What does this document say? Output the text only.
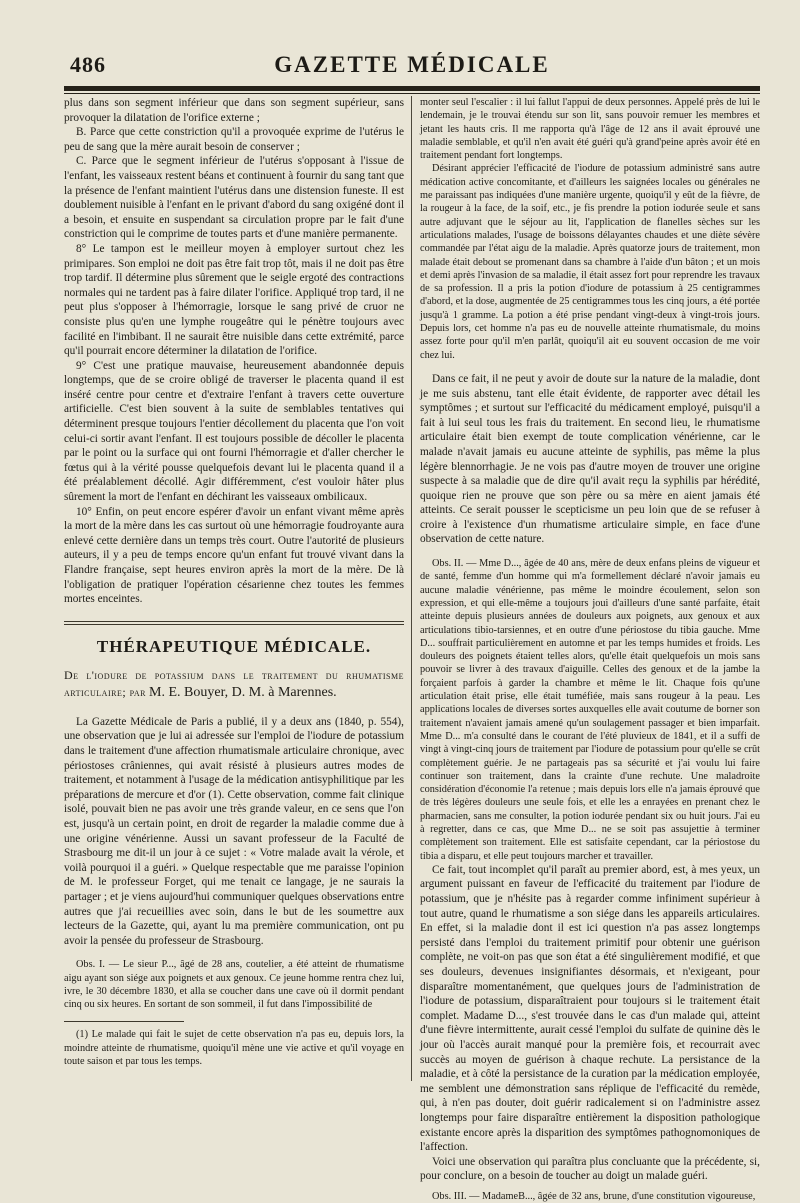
486	GAZETTE MÉDICALE

plus dans son segment inférieur que dans son segment supérieur, sans provoquer la dilatation de l'orifice externe ;

B. Parce que cette constriction qu'il a provoquée exprime de l'utérus le peu de sang que la mère aurait besoin de conserver ;

C. Parce que le segment inférieur de l'utérus s'opposant à l'issue de l'enfant, les vaisseaux restent béans et continuent à fournir du sang tant que la présence de l'enfant maintient l'utérus dans une distension funeste. Il est doublement nuisible à l'enfant en le privant d'abord du sang oxigéné dont il a besoin, et ensuite en suspendant sa circulation propre par le fait d'une constriction qui le comprime de toutes parts et d'une manière permanente.

8° Le tampon est le meilleur moyen à employer surtout chez les primipares. Son emploi ne doit pas être fait trop tôt, mais il ne doit pas être trop tardif. Il détermine plus sûrement que le seigle ergoté des contractions normales qui ne tardent pas à faire dilater l'orifice. Appliqué trop tard, il ne peut plus s'opposer à l'hémorragie, lorsque le sang privé de cruor ne consiste plus qu'en une lymphe rougeâtre qui le pénètre toujours avec facilité en l'imbibant. Il ne saurait être nuisible dans cette extrémité, parce qu'il pourrait encore déterminer la dilatation de l'orifice.

9° C'est une pratique mauvaise, heureusement abandonnée depuis longtemps, que de se croire obligé de traverser le placenta quand il est inséré centre pour centre et d'extraire l'enfant à travers cette ouverture artificielle. C'est bien souvent à la suite de semblables tentatives qui déterminent presque toujours l'entier décollement du placenta que l'on voit celui-ci sortir avant l'enfant. Il est toujours possible de décoller le placenta par le point ou la surface qui ont fourni l'hémorragie et d'aller chercher le fœtus qui à la vérité pousse quelquefois devant lui le placenta quand il a été préalablement décollé. Agir différemment, c'est vouloir hâter plus sûrement la mort de l'enfant en déchirant les vaisseaux ombilicaux.

10° Enfin, on peut encore espérer d'avoir un enfant vivant même après la mort de la mère dans les cas surtout où une hémorragie foudroyante aura enlevé cette dernière dans un temps très court. Outre l'autorité de plusieurs auteurs, il y a peu de temps encore qu'un enfant fut trouvé vivant dans la Flandre française, sept heures environ après la mort de la mère. De là l'obligation de pratiquer l'opération césarienne chez toutes les femmes mortes enceintes.

THÉRAPEUTIQUE MÉDICALE.

De l'iodure de potassium dans le traitement du rhumatisme articulaire; par M. E. Bouyer, D. M. à Marennes.

La Gazette Médicale de Paris a publié, il y a deux ans (1840, p. 554), une observation que je lui ai adressée sur l'emploi de l'iodure de potassium dans le traitement d'une affection rhumatismale articulaire chronique, avec périostoses crâniennes, qui avait résisté à plusieurs autres modes de traitement, et notamment à l'usage de la médication antisyphilitique par les préparations de mercure et d'or (1). Cette observation, comme fait clinique isolé, pouvait bien ne pas avoir une très grande valeur, en ce sens que l'on est, jusqu'à un certain point, en droit de regarder la maladie comme due à une origine vénérienne. Aussi un savant professeur de la Faculté de Strasbourg me dit-il un jour à ce sujet : « Votre malade avait la vérole, et voilà pourquoi il a guéri. » Quelque respectable que me paraisse l'opinion de M. le professeur Forget, qui me tenait ce langage, je ne saurais la partager ; et je viens aujourd'hui communiquer quelques observations entre autres que j'ai recueillies avec soin, dans le but de les soumettre aux lecteurs de la Gazette, qui, ayant lu ma première communication, ont pu avoir la pensée du professeur de Strasbourg.

Obs. I. — Le sieur P..., âgé de 28 ans, coutelier, a été atteint de rhumatisme aigu ayant son siége aux poignets et aux genoux. Ce jeune homme rentra chez lui, ivre, le 30 décembre 1830, et alla se coucher dans une cave où il dormit pendant cinq ou six heures. En sortant de son sommeil, il fut dans l'impossibilité de

(1) Le malade qui fait le sujet de cette observation n'a pas eu, depuis lors, la moindre atteinte de rhumatisme, quoiqu'il mène une vie active et qu'il voyage en toute saison et par tous les temps.

monter seul l'escalier : il lui fallut l'appui de deux personnes. Appelé près de lui le lendemain, je le trouvai étendu sur son lit, sans pouvoir remuer les membres et jetant les hauts cris. Il me rapporta qu'à l'âge de 12 ans il avait éprouvé une maladie semblable, et qu'il n'en avait été guéri qu'à grand'peine après avoir été en traitement pendant fort longtemps.

Désirant apprécier l'efficacité de l'iodure de potassium administré sans autre médication active concomitante, et d'ailleurs les saignées locales ou générales ne me paraissant pas indiquées d'une manière urgente, quoiqu'il y eût de la fièvre, de la rougeur à la face, de la soif, etc., je fis prendre la potion iodurée seule et sans autre adjuvant que le séjour au lit, l'application de flanelles sèches sur les articulations malades, l'usage de boissons délayantes chaudes et une diète sévère commandée par l'état aigu de la maladie. Après quatorze jours de traitement, mon malade était debout se promenant dans sa chambre à l'aide d'un bâton ; et un mois et demi après l'invasion de sa maladie, il était assez fort pour reprendre les travaux de sa profession. Il a pris la potion d'iodure de potassium à 25 centigrammes d'abord, et la dose, augmentée de 25 centigrammes tous les cinq jours, a été portée jusqu'à 1 gramme. La potion a été prise pendant vingt-deux à vingt-trois jours. Depuis lors, cet homme n'a pas eu de nouvelle atteinte rhumatismale, du moins assez forte pour qu'il m'en parlât, quoiqu'il ait eu souvent occasion de me voir chez lui.

Dans ce fait, il ne peut y avoir de doute sur la nature de la maladie, dont je me suis abstenu, tant elle était évidente, de rapporter avec détail les symptômes ; et surtout sur l'efficacité du médicament employé, puisqu'il a fait à lui seul tous les frais du traitement. En second lieu, le rhumatisme articulaire était bien exempt de toute complication vénérienne, car le malade n'avait jamais eu aucune atteinte de syphilis, pas même la plus légère blennorrhagie. Je ne vois pas d'autre moyen de trouver une origine suspecte à sa maladie que de dire qu'il avait reçu la syphilis par hérédité, quoique rien ne prouve que son père ou sa mère en aient jamais été atteints. Ce serait pousser le scepticisme un peu loin que de se refuser à croire à l'existence d'un rhumatisme articulaire simple, en face d'une observation de cette nature.

Obs. II. — Mme D..., âgée de 40 ans, mère de deux enfans pleins de vigueur et de santé, femme d'un homme qui m'a formellement déclaré n'avoir jamais eu aucune maladie vénérienne, pas même le moindre écoulement, selon son expression, et qui elle-même a toujours joui d'ailleurs d'une santé parfaite, était atteinte depuis plusieurs années de douleurs aux poignets, aux genoux et aux articulations tibio-tarsiennes, et en outre d'une périostose du tibia gauche. Mme D... souffrait particulièrement en automne et par les temps humides et froids. Les douleurs des poignets étaient telles alors, qu'elle était quelquefois un mois sans pouvoir se livrer à des travaux d'aiguille. Celles des genoux et de la jambe la forçaient parfois à garder la chambre et même le lit. Chaque fois qu'une articulation était prise, elle était tuméfiée, mais sans rougeur à la peau. Les applications locales de diverses sortes auxquelles elle avait coutume de borner son traitement n'avaient jamais amené qu'un soulagement passager et bien imparfait. Mme D... m'a consulté dans le courant de l'été pluvieux de 1841, et il a suffi de vingt à vingt-cinq jours de traitement par l'iodure de potassium pour qu'elle se crût complètement guérie. Je ne partageais pas sa sécurité et j'ai voulu lui faire continuer son traitement, dans la crainte d'une rechute. Une maladroite considération d'économie l'a retenue ; mais depuis lors elle n'a jamais éprouvé que de très légères douleurs une seule fois, et elle les a enrayées en prenant chez le pharmacien, sans me consulter, la potion iodurée pendant six ou huit jours. J'ai eu à regretter, dans ce cas, que Mme D... ne se soit pas assujettie à terminer complètement son traitement. Elle est satisfaite cependant, car la périostose du tibia a disparu, et elle peut toujours marcher et travailler.

Ce fait, tout incomplet qu'il paraît au premier abord, est, à mes yeux, un argument puissant en faveur de l'efficacité du traitement par l'iodure de potassium, que je n'hésite pas à regarder comme infiniment supérieur à tout autre, quand le rhumatisme a son siége dans les appareils articulaires. En effet, si la maladie dont il est ici question n'a pas assez longtemps persisté dans l'emploi du traitement primitif pour obtenir une guérison complète, ne voit-on pas que son état a été singulièrement modifié, et que ses douleurs, devenues insignifiantes désormais, et n'exigeant, pour disparaître momentanément, que quelques jours de l'administration de l'iodure de potassium, disparaîtraient pour toujours si le traitement était complet. Madame D..., s'est trouvée dans le cas d'un malade qui, atteint d'une fièvre intermittente, aurait cessé l'emploi du sulfate de quinine dès le jour où l'accès aurait manqué pour la première fois, et recourrait avec succès au moyen de guérison à chaque rechute. La persistance de la maladie, et à côté la persistance de la curation par la médication employée, me semblent une démonstration sans réplique de l'efficacité du remède, qui, à n'en pas douter, doit guérir radicalement si on l'administre assez longtemps pour faire disparaître entièrement la disposition pathologique existante encore après la disparition des symptômes pathognomoniques de l'affection.

Voici une observation qui paraîtra plus concluante que la précédente, si, pour conclure, on a besoin de toucher au doigt un malade guéri.

Obs. III. — MadameB..., âgée de 32 ans, brune, d'une constitution vigoureuse,
